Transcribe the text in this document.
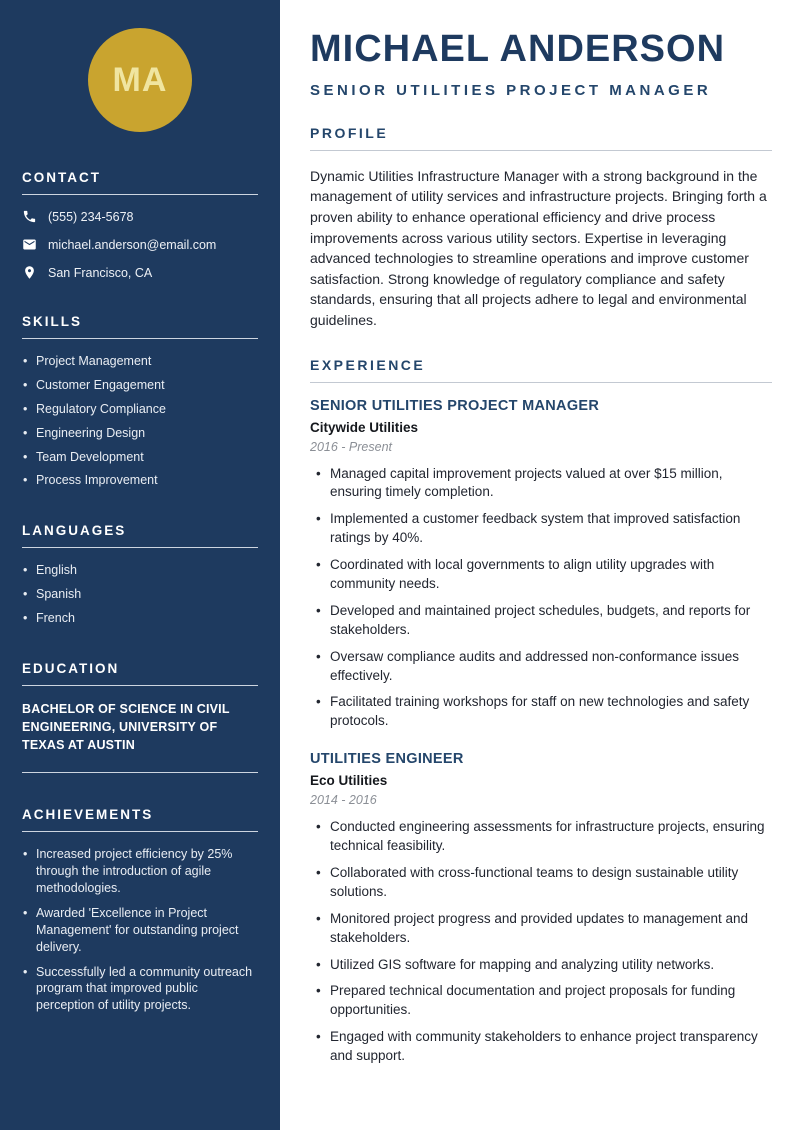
MA
CONTACT
(555) 234-5678
michael.anderson@email.com
San Francisco, CA
SKILLS
• Project Management
• Customer Engagement
• Regulatory Compliance
• Engineering Design
• Team Development
• Process Improvement
LANGUAGES
• English
• Spanish
• French
EDUCATION
BACHELOR OF SCIENCE IN CIVIL ENGINEERING, UNIVERSITY OF TEXAS AT AUSTIN
ACHIEVEMENTS
• Increased project efficiency by 25% through the introduction of agile methodologies.
• Awarded 'Excellence in Project Management' for outstanding project delivery.
• Successfully led a community outreach program that improved public perception of utility projects.
MICHAEL ANDERSON
SENIOR UTILITIES PROJECT MANAGER
PROFILE

Dynamic Utilities Infrastructure Manager with a strong background in the management of utility services and infrastructure projects. Bringing forth a proven ability to enhance operational efficiency and drive process improvements across various utility sectors. Expertise in leveraging advanced technologies to streamline operations and improve customer satisfaction. Strong knowledge of regulatory compliance and safety standards, ensuring that all projects adhere to legal and environmental guidelines.

EXPERIENCE
SENIOR UTILITIES PROJECT MANAGER
Citywide Utilities
2016 - Present
• Managed capital improvement projects valued at over $15 million, ensuring timely completion.
• Implemented a customer feedback system that improved satisfaction ratings by 40%.
• Coordinated with local governments to align utility upgrades with community needs.
• Developed and maintained project schedules, budgets, and reports for stakeholders.
• Oversaw compliance audits and addressed non-conformance issues effectively.
• Facilitated training workshops for staff on new technologies and safety protocols.
UTILITIES ENGINEER
Eco Utilities
2014 - 2016
• Conducted engineering assessments for infrastructure projects, ensuring technical feasibility.
• Collaborated with cross-functional teams to design sustainable utility solutions.
• Monitored project progress and provided updates to management and stakeholders.
• Utilized GIS software for mapping and analyzing utility networks.
• Prepared technical documentation and project proposals for funding opportunities.
• Engaged with community stakeholders to enhance project transparency and support.
